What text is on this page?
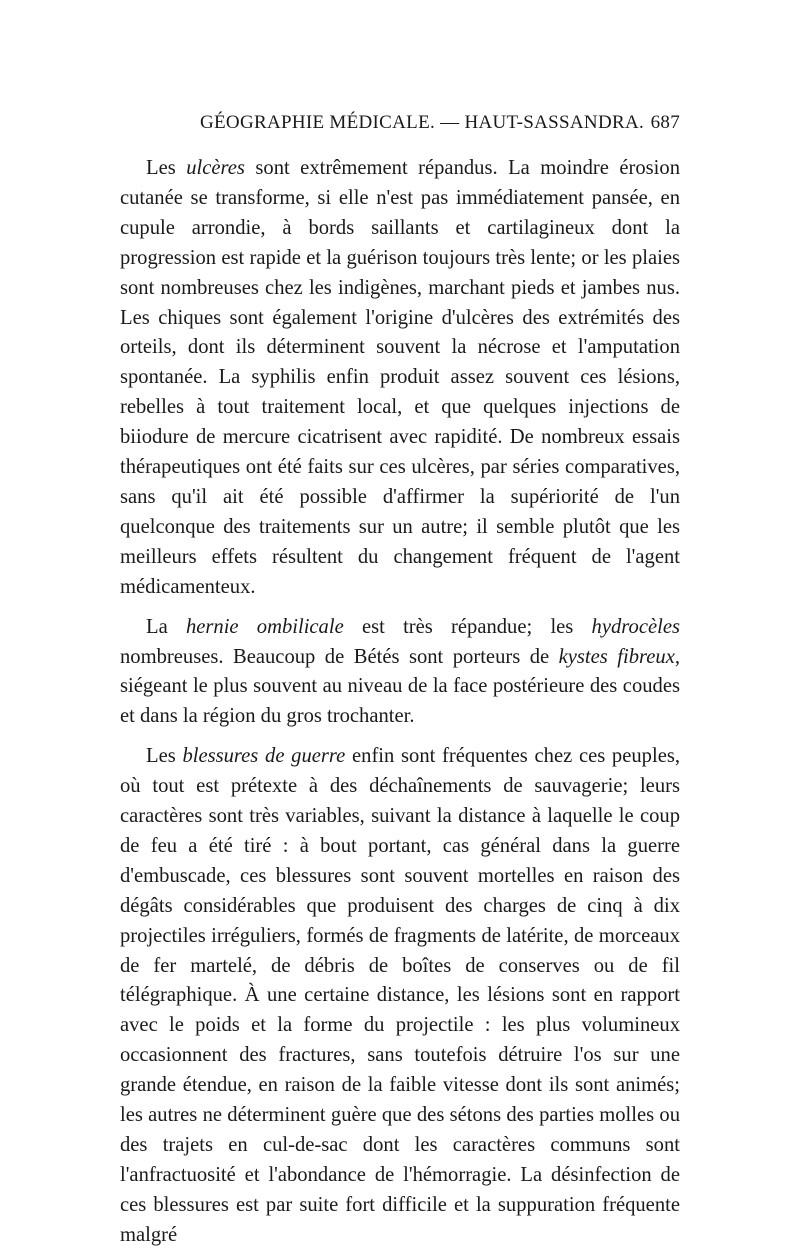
GÉOGRAPHIE MÉDICALE. — HAUT-SASSANDRA. 687

Les ulcères sont extrêmement répandus. La moindre érosion cutanée se transforme, si elle n'est pas immédiatement pansée, en cupule arrondie, à bords saillants et cartilagineux dont la progression est rapide et la guérison toujours très lente; or les plaies sont nombreuses chez les indigènes, marchant pieds et jambes nus. Les chiques sont également l'origine d'ulcères des extrémités des orteils, dont ils déterminent souvent la nécrose et l'amputation spontanée. La syphilis enfin produit assez souvent ces lésions, rebelles à tout traitement local, et que quelques injections de biiodure de mercure cicatrisent avec rapidité. De nombreux essais thérapeutiques ont été faits sur ces ulcères, par séries comparatives, sans qu'il ait été possible d'affirmer la supériorité de l'un quelconque des traitements sur un autre; il semble plutôt que les meilleurs effets résultent du changement fréquent de l'agent médicamenteux.

La hernie ombilicale est très répandue; les hydrocèles nombreuses. Beaucoup de Bétés sont porteurs de kystes fibreux, siégeant le plus souvent au niveau de la face postérieure des coudes et dans la région du gros trochanter.

Les blessures de guerre enfin sont fréquentes chez ces peuples, où tout est prétexte à des déchaînements de sauvagerie; leurs caractères sont très variables, suivant la distance à laquelle le coup de feu a été tiré : à bout portant, cas général dans la guerre d'embuscade, ces blessures sont souvent mortelles en raison des dégâts considérables que produisent des charges de cinq à dix projectiles irréguliers, formés de fragments de latérite, de morceaux de fer martelé, de débris de boîtes de conserves ou de fil télégraphique. À une certaine distance, les lésions sont en rapport avec le poids et la forme du projectile : les plus volumineux occasionnent des fractures, sans toutefois détruire l'os sur une grande étendue, en raison de la faible vitesse dont ils sont animés; les autres ne déterminent guère que des sétons des parties molles ou des trajets en cul-de-sac dont les caractères communs sont l'anfractuosité et l'abondance de l'hémorragie. La désinfection de ces blessures est par suite fort difficile et la suppuration fréquente malgré
